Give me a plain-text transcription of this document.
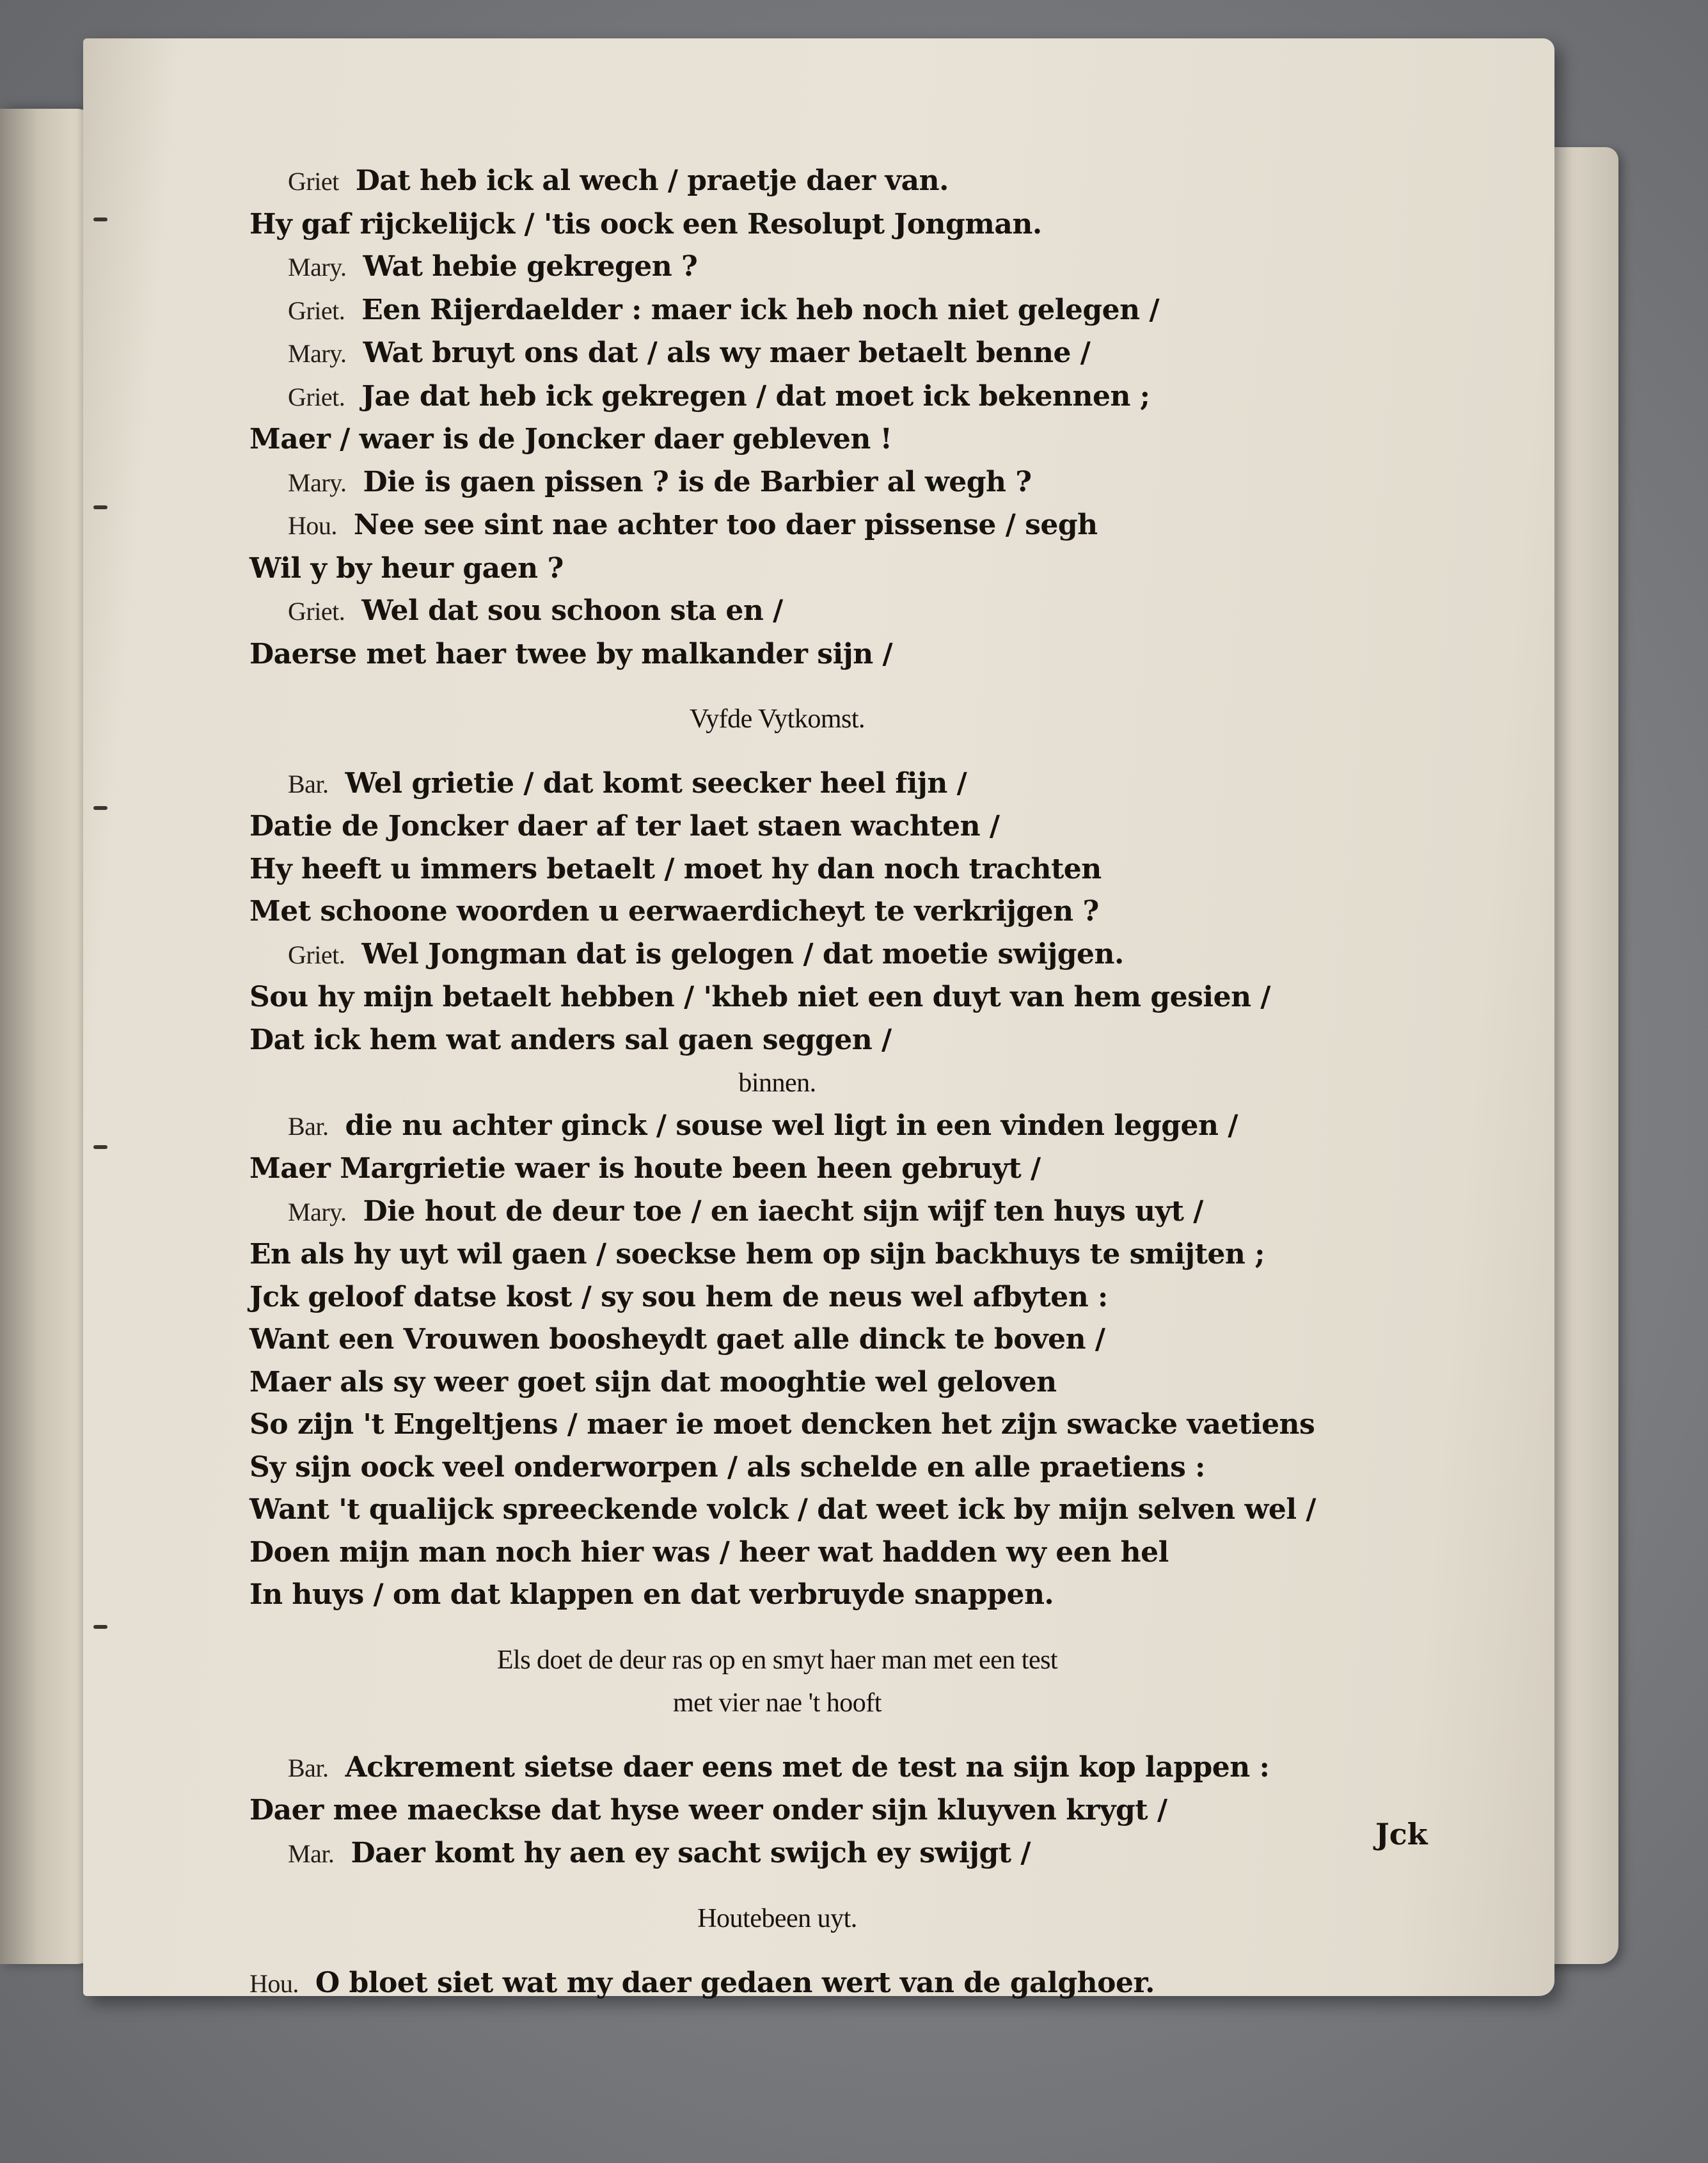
Griet Dat heb ick al wech / praetje daer van.
Hy gaf rijckelijck / 'tis oock een Resolupt Jongman.
Mary. Wat hebie gekregen ?
Griet. Een Rijerdaelder : maer ick heb noch niet gelegen /
Mary. Wat bruyt ons dat / als wy maer betaelt benne /
Griet. Jae dat heb ick gekregen / dat moet ick bekennen ;
Maer / waer is de Joncker daer gebleven !
Mary. Die is gaen pissen ? is de Barbier al wegh ?
Hou. Nee see sint nae achter too daer pissense / segh
Wil y by heur gaen ?
Griet. Wel dat sou schoon sta en /
Daerse met haer twee by malkander sijn /
Vyfde Vytkomst.
Bar. Wel grietie / dat komt seecker heel fijn /
Datie de Joncker daer af ter laet staen wachten /
Hy heeft u immers betaelt / moet hy dan noch trachten
Met schoone woorden u eerwaerdicheyt te verkrijgen ?
Griet. Wel Jongman dat is gelogen / dat moetie swijgen.
Sou hy mijn betaelt hebben / 'kheb niet een duyt van hem gesien /
Dat ick hem wat anders sal gaen seggen /
binnen.
Bar. die nu achter ginck / souse wel ligt in een vinden leggen /
Maer Margrietie waer is houte been heen gebruyt /
Mary. Die hout de deur toe / en iaecht sijn wijf ten huys uyt /
En als hy uyt wil gaen / soeckse hem op sijn backhuys te smijten ;
Jck geloof datse kost / sy sou hem de neus wel afbyten :
Want een Vrouwen boosheydt gaet alle dinck te boven /
Maer als sy weer goet sijn dat mooghtie wel geloven
So zijn 't Engeltjens / maer ie moet dencken het zijn swacke vaetiens
Sy sijn oock veel onderworpen / als schelde en alle praetiens :
Want 't qualijck spreeckende volck / dat weet ick by mijn selven wel /
Doen mijn man noch hier was / heer wat hadden wy een hel
In huys / om dat klappen en dat verbruyde snappen.
Els doet de deur ras op en smyt haer man met een test
met vier nae 't hooft
Bar. Ackrement sietse daer eens met de test na sijn kop lappen :
Daer mee maeckse dat hyse weer onder sijn kluyven krygt /
Mar. Daer komt hy aen ey sacht swijch ey swijgt /
Houtebeen uyt.
Hou. O bloet siet wat my daer gedaen wert van de galghoer.
Jck
